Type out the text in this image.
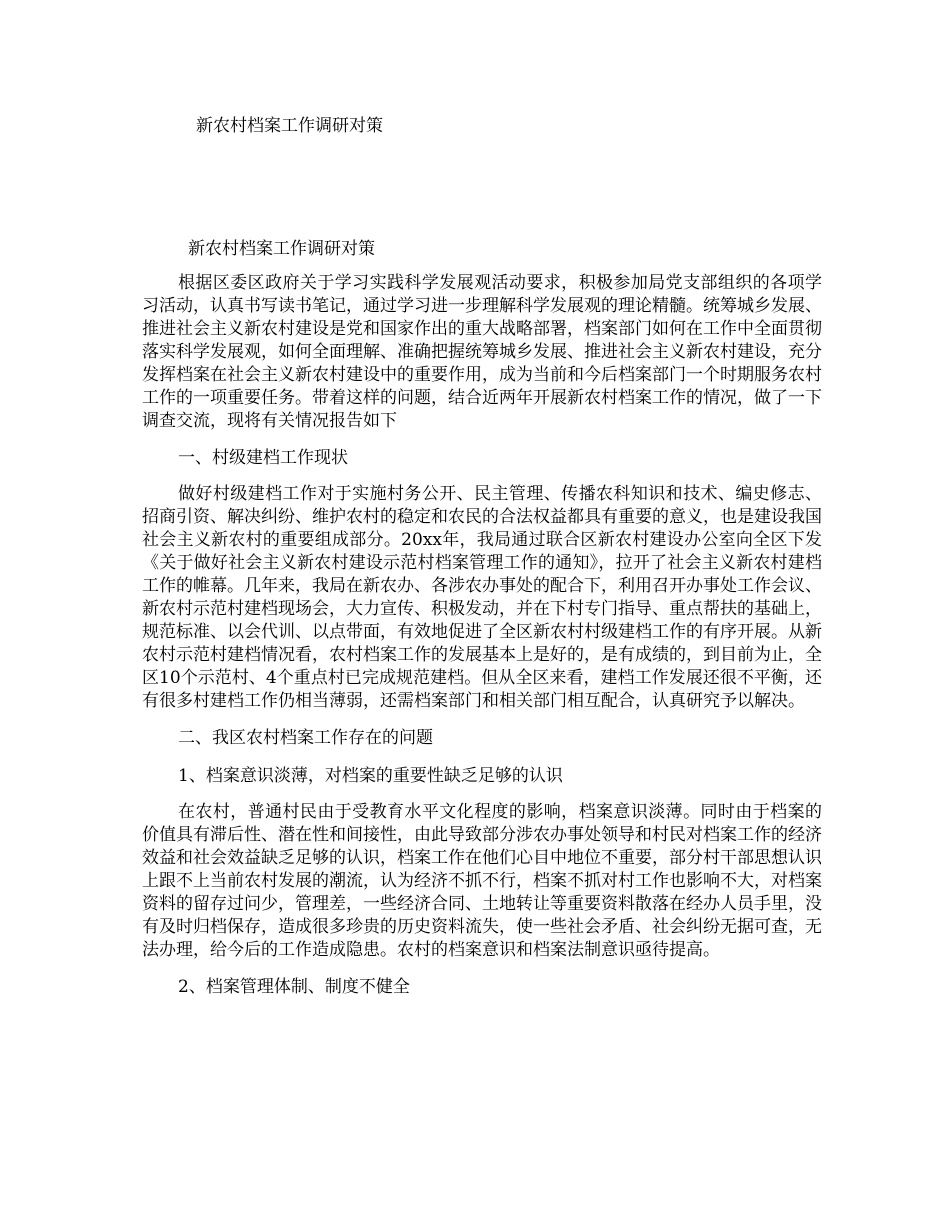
新农村档案工作调研对策

新农村档案工作调研对策

根据区委区政府关于学习实践科学发展观活动要求，积极参加局党支部组织的各项学习活动，认真书写读书笔记，通过学习进一步理解科学发展观的理论精髓。统筹城乡发展、推进社会主义新农村建设是党和国家作出的重大战略部署，档案部门如何在工作中全面贯彻落实科学发展观，如何全面理解、准确把握统筹城乡发展、推进社会主义新农村建设，充分发挥档案在社会主义新农村建设中的重要作用，成为当前和今后档案部门一个时期服务农村工作的一项重要任务。带着这样的问题，结合近两年开展新农村档案工作的情况，做了一下调查交流，现将有关情况报告如下

一、村级建档工作现状

做好村级建档工作对于实施村务公开、民主管理、传播农科知识和技术、编史修志、招商引资、解决纠纷、维护农村的稳定和农民的合法权益都具有重要的意义，也是建设我国社会主义新农村的重要组成部分。20xx年，我局通过联合区新农村建设办公室向全区下发《关于做好社会主义新农村建设示范村档案管理工作的通知》，拉开了社会主义新农村建档工作的帷幕。几年来，我局在新农办、各涉农办事处的配合下，利用召开办事处工作会议、新农村示范村建档现场会，大力宣传、积极发动，并在下村专门指导、重点帮扶的基础上，规范标准、以会代训、以点带面，有效地促进了全区新农村村级建档工作的有序开展。从新农村示范村建档情况看，农村档案工作的发展基本上是好的，是有成绩的，到目前为止，全区10个示范村、4个重点村已完成规范建档。但从全区来看，建档工作发展还很不平衡，还有很多村建档工作仍相当薄弱，还需档案部门和相关部门相互配合，认真研究予以解决。

二、我区农村档案工作存在的问题

1、档案意识淡薄，对档案的重要性缺乏足够的认识

在农村，普通村民由于受教育水平文化程度的影响，档案意识淡薄。同时由于档案的价值具有滞后性、潜在性和间接性，由此导致部分涉农办事处领导和村民对档案工作的经济效益和社会效益缺乏足够的认识，档案工作在他们心目中地位不重要，部分村干部思想认识上跟不上当前农村发展的潮流，认为经济不抓不行，档案不抓对村工作也影响不大，对档案资料的留存过问少，管理差，一些经济合同、土地转让等重要资料散落在经办人员手里，没有及时归档保存，造成很多珍贵的历史资料流失，使一些社会矛盾、社会纠纷无据可查，无法办理，给今后的工作造成隐患。农村的档案意识和档案法制意识亟待提高。

2、档案管理体制、制度不健全
